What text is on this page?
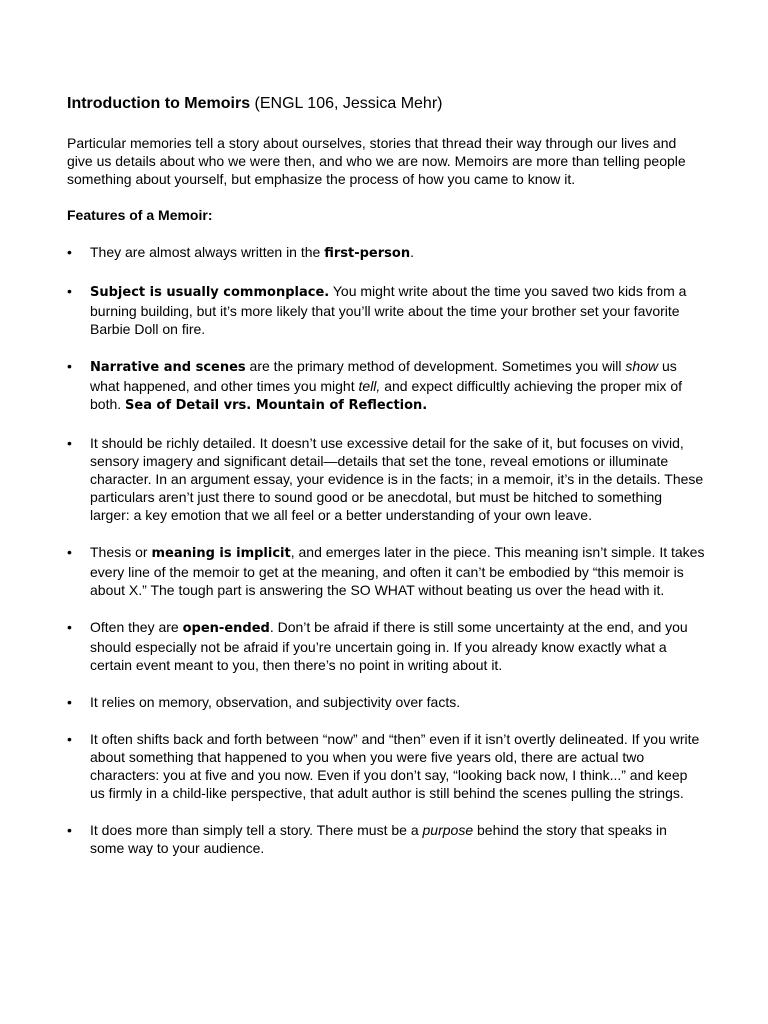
Introduction to Memoirs (ENGL 106, Jessica Mehr)

Particular memories tell a story about ourselves, stories that thread their way through our lives and give us details about who we were then, and who we are now. Memoirs are more than telling people something about yourself, but emphasize the process of how you came to know it.

Features of a Memoir:
• They are almost always written in the first-person.
• Subject is usually commonplace. You might write about the time you saved two kids from a burning building, but it’s more likely that you’ll write about the time your brother set your favorite Barbie Doll on fire.
• Narrative and scenes are the primary method of development. Sometimes you will show us what happened, and other times you might tell, and expect difficultly achieving the proper mix of both. Sea of Detail vrs. Mountain of Reflection.
• It should be richly detailed. It doesn’t use excessive detail for the sake of it, but focuses on vivid, sensory imagery and significant detail—details that set the tone, reveal emotions or illuminate character. In an argument essay, your evidence is in the facts; in a memoir, it’s in the details. These particulars aren’t just there to sound good or be anecdotal, but must be hitched to something larger: a key emotion that we all feel or a better understanding of your own leave.
• Thesis or meaning is implicit, and emerges later in the piece. This meaning isn’t simple. It takes every line of the memoir to get at the meaning, and often it can’t be embodied by “this memoir is about X.” The tough part is answering the SO WHAT without beating us over the head with it.
• Often they are open-ended. Don’t be afraid if there is still some uncertainty at the end, and you should especially not be afraid if you’re uncertain going in. If you already know exactly what a certain event meant to you, then there’s no point in writing about it.
• It relies on memory, observation, and subjectivity over facts.
• It often shifts back and forth between “now” and “then” even if it isn’t overtly delineated. If you write about something that happened to you when you were five years old, there are actual two characters: you at five and you now. Even if you don’t say, “looking back now, I think...” and keep us firmly in a child-like perspective, that adult author is still behind the scenes pulling the strings.
• It does more than simply tell a story. There must be a purpose behind the story that speaks in some way to your audience.
